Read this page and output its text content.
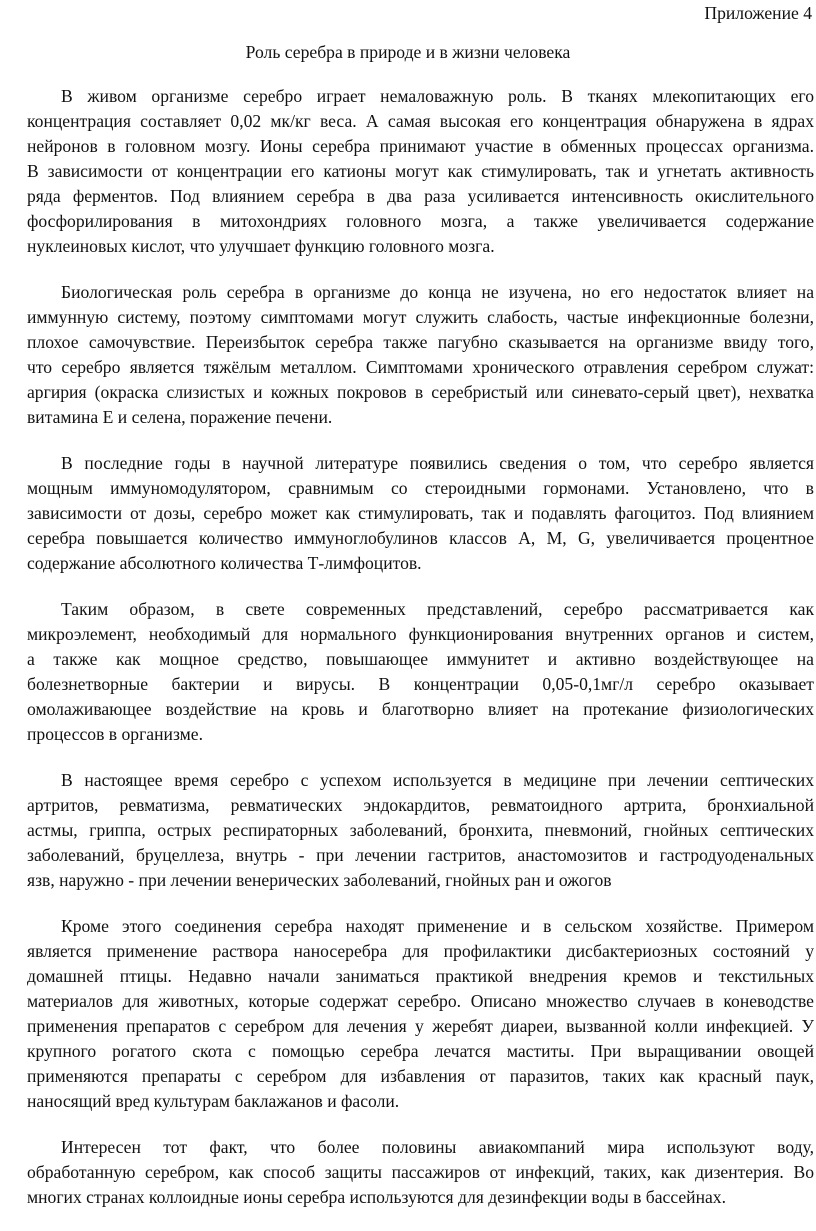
Приложение 4
Роль серебра в природе и в жизни человека
В живом организме серебро играет немаловажную роль. В тканях млекопитающих его
концентрация составляет 0,02 мк/кг веса. А самая высокая его концентрация обнаружена в ядрах
нейронов в головном мозгу. Ионы серебра принимают участие в обменных процессах организма.
В зависимости от концентрации его катионы могут как стимулировать, так и угнетать активность
ряда ферментов. Под влиянием серебра в два раза усиливается интенсивность окислительного
фосфорилирования в митохондриях головного мозга, а также увеличивается содержание
нуклеиновых кислот, что улучшает функцию головного мозга.
Биологическая роль серебра в организме до конца не изучена, но его недостаток влияет на
иммунную систему, поэтому симптомами могут служить слабость, частые инфекционные болезни,
плохое самочувствие. Переизбыток серебра также пагубно сказывается на организме ввиду того,
что серебро является тяжёлым металлом. Симптомами хронического отравления серебром служат:
аргирия (окраска слизистых и кожных покровов в серебристый или синевато-серый цвет), нехватка
витамина Е и селена, поражение печени.
В последние годы в научной литературе появились сведения о том, что серебро является
мощным иммуномодулятором, сравнимым со стероидными гормонами. Установлено, что в
зависимости от дозы, серебро может как стимулировать, так и подавлять фагоцитоз. Под влиянием
серебра повышается количество иммуноглобулинов классов А, М, G, увеличивается процентное
содержание абсолютного количества Т-лимфоцитов.
Таким образом, в свете современных представлений, серебро рассматривается как
микроэлемент, необходимый для нормального функционирования внутренних органов и систем,
а также как мощное средство, повышающее иммунитет и активно воздействующее на
болезнетворные бактерии и вирусы. В концентрации 0,05-0,1мг/л серебро оказывает
омолаживающее воздействие на кровь и благотворно влияет на протекание физиологических
процессов в организме.
В настоящее время серебро с успехом используется в медицине при лечении септических
артритов, ревматизма, ревматических эндокардитов, ревматоидного артрита, бронхиальной
астмы, гриппа, острых респираторных заболеваний, бронхита, пневмоний, гнойных септических
заболеваний, бруцеллеза, внутрь - при лечении гастритов, анастомозитов и гастродуоденальных
язв, наружно - при лечении венерических заболеваний, гнойных ран и ожогов
Кроме этого соединения серебра находят применение и в сельском хозяйстве. Примером
является применение раствора наносеребра для профилактики дисбактериозных состояний у
домашней птицы. Недавно начали заниматься практикой внедрения кремов и текстильных
материалов для животных, которые содержат серебро. Описано множество случаев в коневодстве
применения препаратов с серебром для лечения у жеребят диареи, вызванной колли инфекцией. У
крупного рогатого скота с помощью серебра лечатся маститы. При выращивании овощей
применяются препараты с серебром для избавления от паразитов, таких как красный паук,
наносящий вред культурам баклажанов и фасоли.
Интересен тот факт, что более половины авиакомпаний мира используют воду,
обработанную серебром, как способ защиты пассажиров от инфекций, таких, как дизентерия. Во
многих странах коллоидные ионы серебра используются для дезинфекции воды в бассейнах.
